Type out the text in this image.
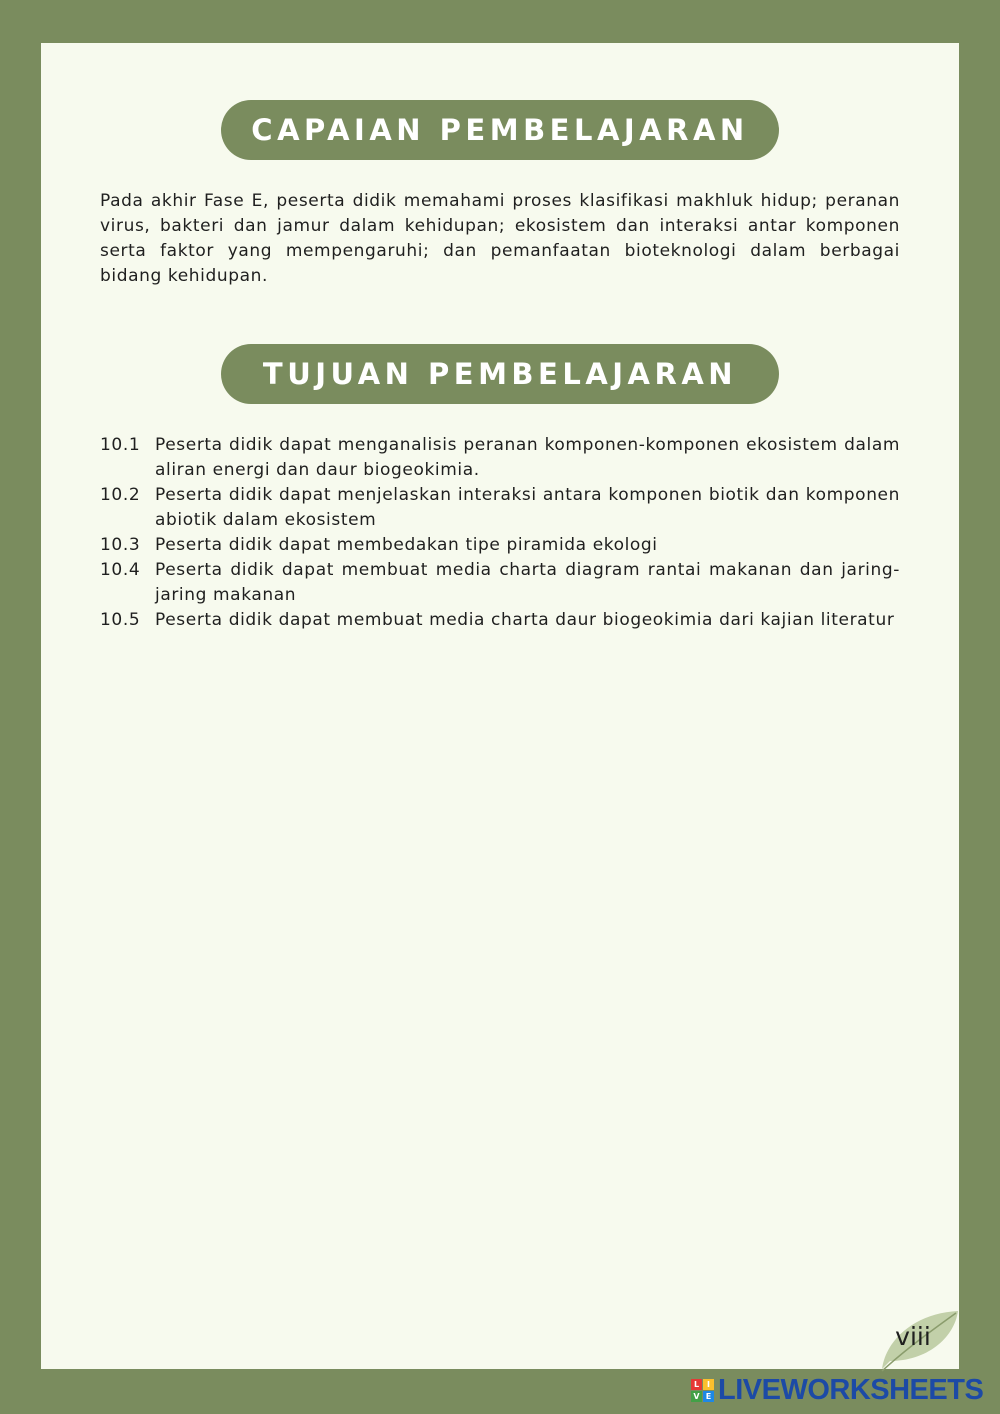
CAPAIAN PEMBELAJARAN
Pada akhir Fase E, peserta didik memahami proses klasifikasi makhluk hidup; peranan virus, bakteri dan jamur dalam kehidupan; ekosistem dan interaksi antar komponen serta faktor yang mempengaruhi; dan pemanfaatan bioteknologi dalam berbagai bidang kehidupan.
TUJUAN PEMBELAJARAN
10.1 Peserta didik dapat menganalisis peranan komponen-komponen ekosistem dalam aliran energi dan daur biogeokimia.
10.2 Peserta didik dapat menjelaskan interaksi antara komponen biotik dan komponen abiotik dalam ekosistem
10.3 Peserta didik dapat membedakan tipe piramida ekologi
10.4 Peserta didik dapat membuat media charta diagram rantai makanan dan jaring-jaring makanan
10.5 Peserta didik dapat membuat media charta daur biogeokimia dari kajian literatur
viii
L I
V E LIVEWORKSHEETS
